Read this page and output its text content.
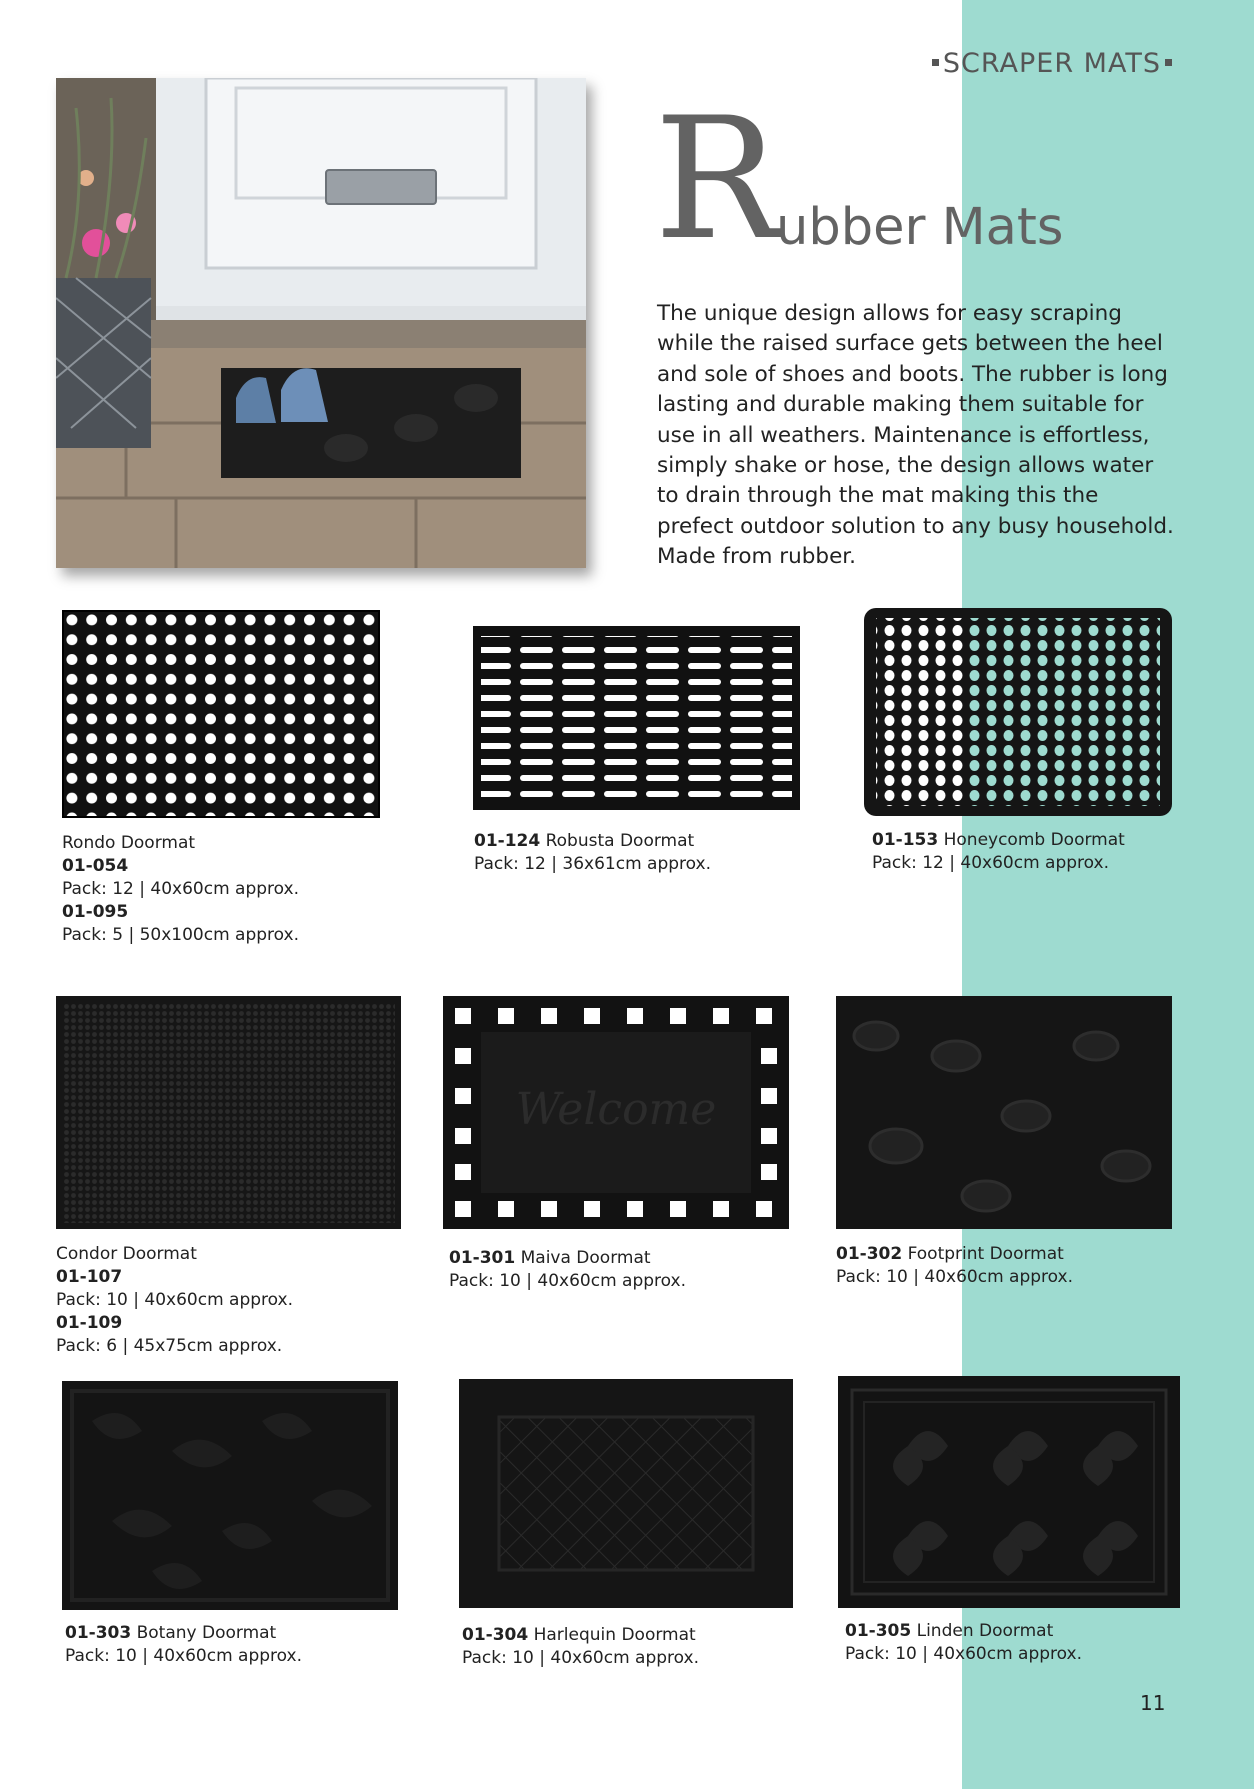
SCRAPER MATS
R
ubber Mats
The unique design allows for easy scraping while the raised surface gets between the heel and sole of shoes and boots. The rubber is long lasting and durable making them suitable for use in all weathers. Maintenance is effortless, simply shake or hose, the design allows water to drain through the mat making this the prefect outdoor solution to any busy household. Made from rubber.
Rondo Doormat
01-054
Pack: 12 | 40x60cm approx.
01-095
Pack: 5 | 50x100cm approx.
01-124 Robusta Doormat
Pack: 12 | 36x61cm approx.
01-153 Honeycomb Doormat
Pack: 12 | 40x60cm approx.
Condor Doormat
01-107
Pack: 10 | 40x60cm approx.
01-109
Pack: 6 | 45x75cm approx.
Welcome
01-301 Maiva Doormat
Pack: 10 | 40x60cm approx.
01-302 Footprint Doormat
Pack: 10 | 40x60cm approx.
01-303 Botany Doormat
Pack: 10 | 40x60cm approx.
01-304 Harlequin Doormat
Pack: 10 | 40x60cm approx.
01-305 Linden Doormat
Pack: 10 | 40x60cm approx.
11
